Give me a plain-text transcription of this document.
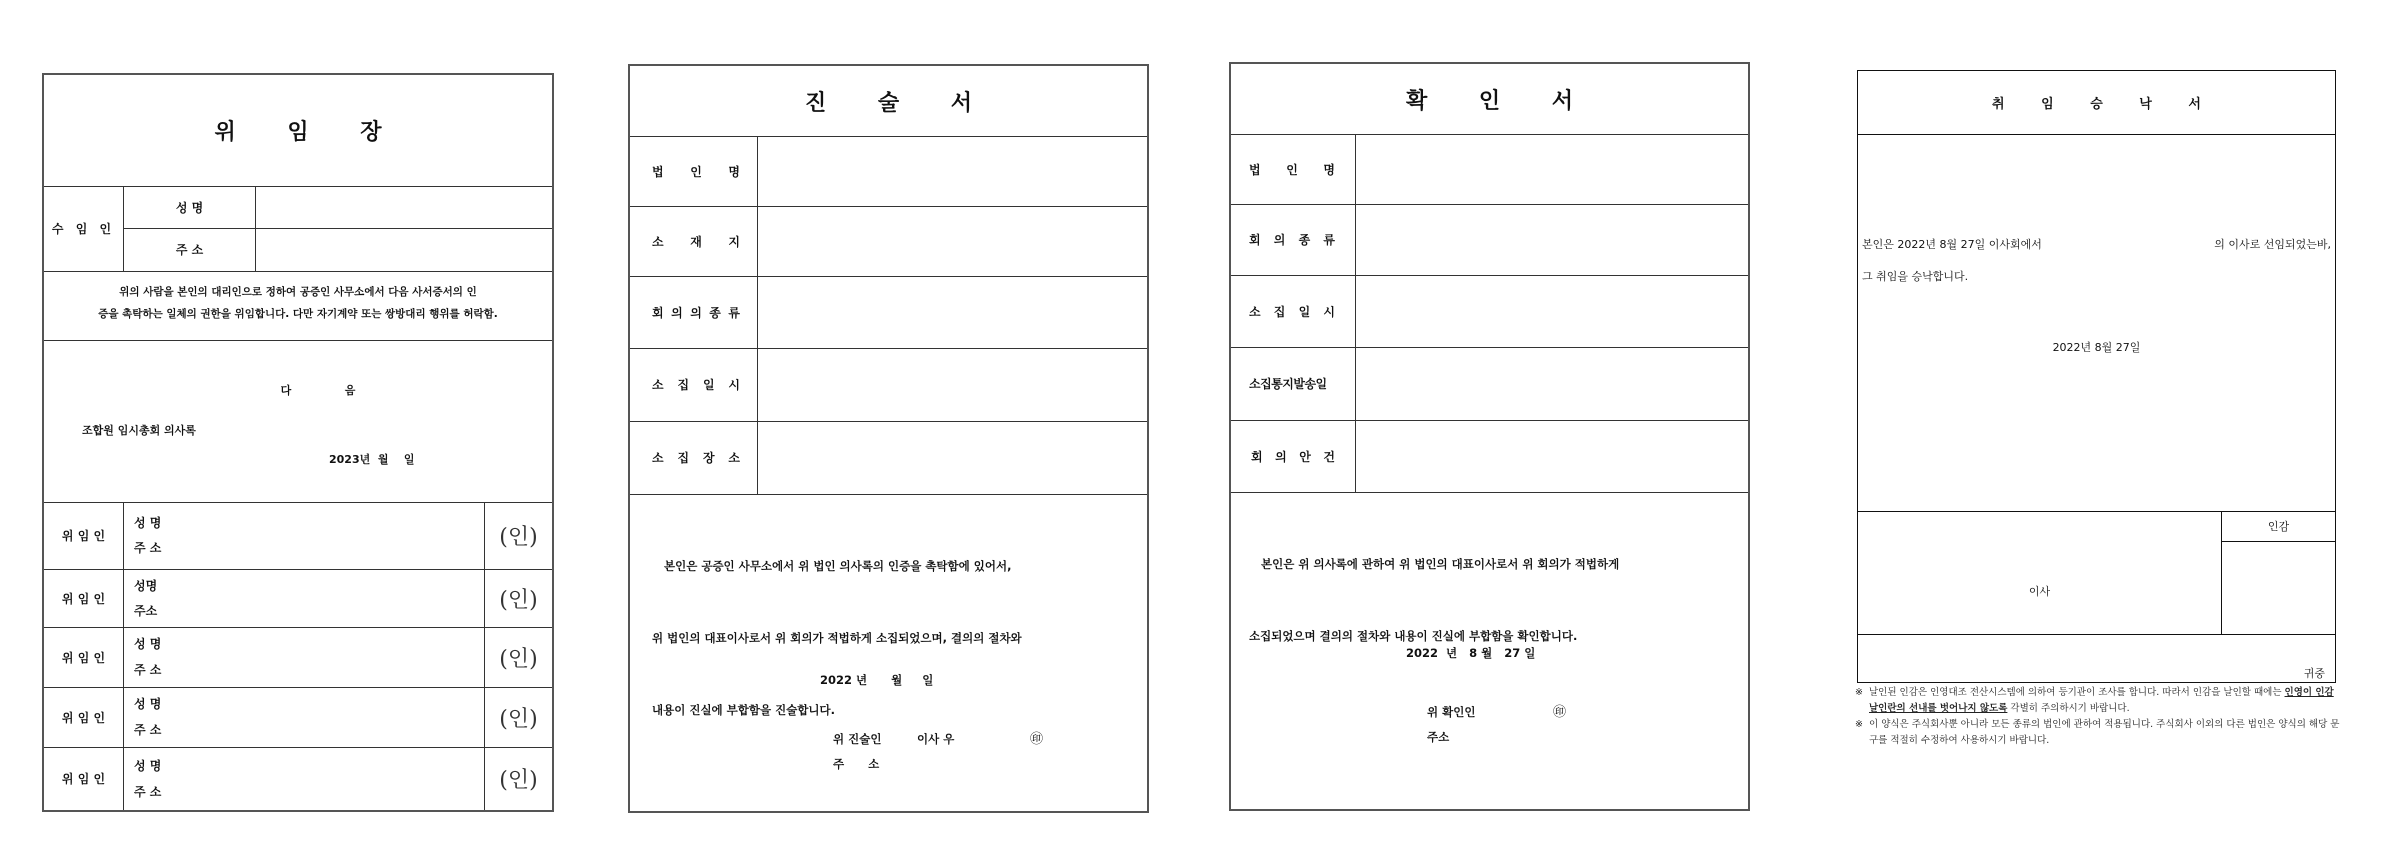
위 임 장
수 임 인
성 명
주 소
위의 사람을 본인의 대리인으로 정하여 공증인 사무소에서 다음 사서증서의 인
증을 촉탁하는 일체의 권한을 위임합니다. 다만 자기계약 또는 쌍방대리 행위를 허락함.
다              음
조합원 임시총회 의사록
2023년  월    일
위 임 인
성 명
주 소	(인)
위 임 인
성명
주소	(인)
위 임 인
성 명
주 소	(인)
위 임 인
성 명
주 소	(인)
위 임 인
성 명
주 소	(인)
진 술 서
법 인 명
소 재 지
회 의 의 종 류
소 집 일 시
소 집 장 소

본인은 공증인 사무소에서 위 법인 의사록의 인증을 촉탁함에 있어서,

위 법인의 대표이사로서 위 회의가 적법하게 소집되었으며, 결의의 절차와

내용이 진실에 부합함을 진술합니다.

2022 년      월     일
위 진술인	이사 우	㊞
주      소
확 인 서
법 인 명
회 의 종 류
소 집 일 시
소집통지발송일
회 의 안 건

본인은 위 의사록에 관하여 위 법인의 대표이사로서 위 회의가 적법하게

소집되었으며 결의의 절차와 내용이 진실에 부합함을 확인합니다.

2022  년   8 월   27 일
위 확인인	㊞
주소
취 임 승 낙 서
본인은 2022년 8월 27일 이사회에서	의 이사로 선임되었는바,
그 취임을 승낙합니다.
2022년 8월 27일
이사
인감
귀중
※ 날인된 인감은 인영대조 전산시스템에 의하여 등기관이 조사를 합니다. 따라서 인감을 날인할 때에는 인영이 인감날인란의 선내를 벗어나지 않도록 각별히 주의하시기 바랍니다.
※ 이 양식은 주식회사뿐 아니라 모든 종류의 법인에 관하여 적용됩니다. 주식회사 이외의 다른 법인은 양식의 해당 문구를 적절히 수정하여 사용하시기 바랍니다.
